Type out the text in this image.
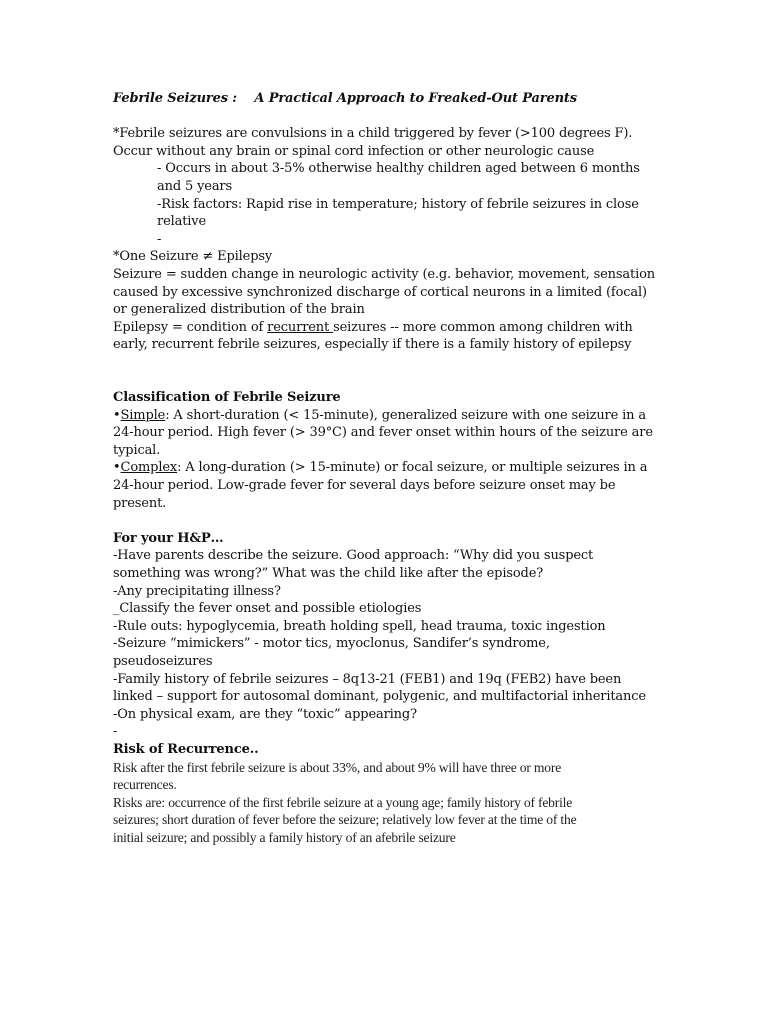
Febrile Seizures :    A Practical Approach to Freaked-Out Parents
*Febrile seizures are convulsions in a child triggered by fever (>100 degrees F).
Occur without any brain or spinal cord infection or other neurologic cause
- Occurs in about 3-5% otherwise healthy children aged between 6 months
and 5 years
-Risk factors: Rapid rise in temperature; history of febrile seizures in close
relative
-
*One Seizure ≠ Epilepsy
Seizure = sudden change in neurologic activity (e.g. behavior, movement, sensation
caused by excessive synchronized discharge of cortical neurons in a limited (focal)
or generalized distribution of the brain
Epilepsy = condition of recurrent seizures -- more common among children with
early, recurrent febrile seizures, especially if there is a family history of epilepsy
Classification of Febrile Seizure
•Simple: A short-duration (< 15-minute), generalized seizure with one seizure in a
24-hour period. High fever (> 39°C) and fever onset within hours of the seizure are
typical.
•Complex: A long-duration (> 15-minute) or focal seizure, or multiple seizures in a
24-hour period. Low-grade fever for several days before seizure onset may be
present.
For your H&P…
-Have parents describe the seizure. Good approach: “Why did you suspect
something was wrong?” What was the child like after the episode?
-Any precipitating illness?
_Classify the fever onset and possible etiologies
-Rule outs: hypoglycemia, breath holding spell, head trauma, toxic ingestion
-Seizure “mimickers” - motor tics, myoclonus, Sandifer’s syndrome,
pseudoseizures
-Family history of febrile seizures – 8q13-21 (FEB1) and 19q (FEB2) have been
linked – support for autosomal dominant, polygenic, and multifactorial inheritance
-On physical exam, are they “toxic” appearing?
-
Risk of Recurrence..
Risk after the first febrile seizure is about 33%, and about 9% will have three or more
recurrences.
Risks are: occurrence of the first febrile seizure at a young age; family history of febrile
seizures; short duration of fever before the seizure; relatively low fever at the time of the
initial seizure; and possibly a family history of an afebrile seizure
